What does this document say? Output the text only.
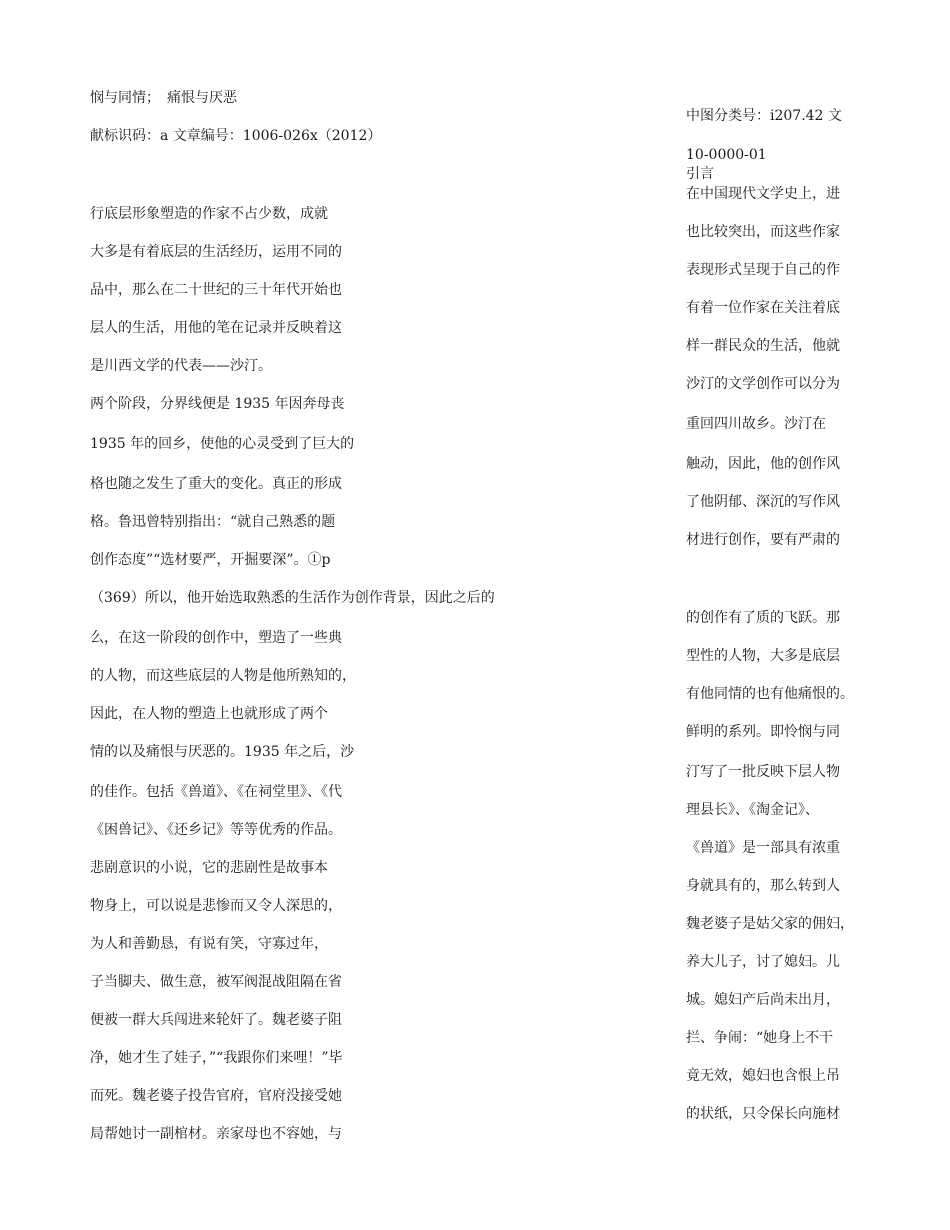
悯与同情；　痛恨与厌恶

献标识码：a 文章编号：1006-026x（2012）

行底层形象塑造的作家不占少数，成就

大多是有着底层的生活经历，运用不同的

品中，那么在二十世纪的三十年代开始也

层人的生活，用他的笔在记录并反映着这

是川西文学的代表——沙汀。

两个阶段，分界线便是 1935 年因奔母丧

1935 年的回乡，使他的心灵受到了巨大的

格也随之发生了重大的变化。真正的形成

格。鲁迅曾特别指出：“就自己熟悉的题

创作态度”“选材要严，开掘要深”。①p

（369）所以，他开始选取熟悉的生活作为创作背景，因此之后的

么，在这一阶段的创作中，塑造了一些典

的人物，而这些底层的人物是他所熟知的，

因此，在人物的塑造上也就形成了两个

情的以及痛恨与厌恶的。1935 年之后，沙

的佳作。包括《兽道》、《在祠堂里》、《代

《困兽记》、《还乡记》等等优秀的作品。

悲剧意识的小说，它的悲剧性是故事本

物身上，可以说是悲惨而又令人深思的，

为人和善勤恳，有说有笑，守寡过年，

子当脚夫、做生意，被军阀混战阻隔在省

便被一群大兵闯进来轮奸了。魏老婆子阻

净，她才生了娃子，”“我跟你们来哩！”毕

而死。魏老婆子投告官府，官府没接受她

局帮她讨一副棺材。亲家母也不容她，与

中图分类号：i207.42 文

10-0000-01

引言

在中国现代文学史上，进

也比较突出，而这些作家

表现形式呈现于自己的作

有着一位作家在关注着底

样一群民众的生活，他就

沙汀的文学创作可以分为

重回四川故乡。沙汀在

触动，因此，他的创作风

了他阴郁、深沉的写作风

材进行创作，要有严肃的

的创作有了质的飞跃。那

型性的人物，大多是底层

有他同情的也有他痛恨的。

鲜明的系列。即怜悯与同

汀写了一批反映下层人物

理县长》、《淘金记》、

《兽道》是一部具有浓重

身就具有的，那么转到人

魏老婆子是姑父家的佣妇，

养大儿子，讨了媳妇。儿

城。媳妇产后尚未出月，

拦、争闹：“她身上不干

竟无效，媳妇也含恨上吊

的状纸，只令保长向施材
